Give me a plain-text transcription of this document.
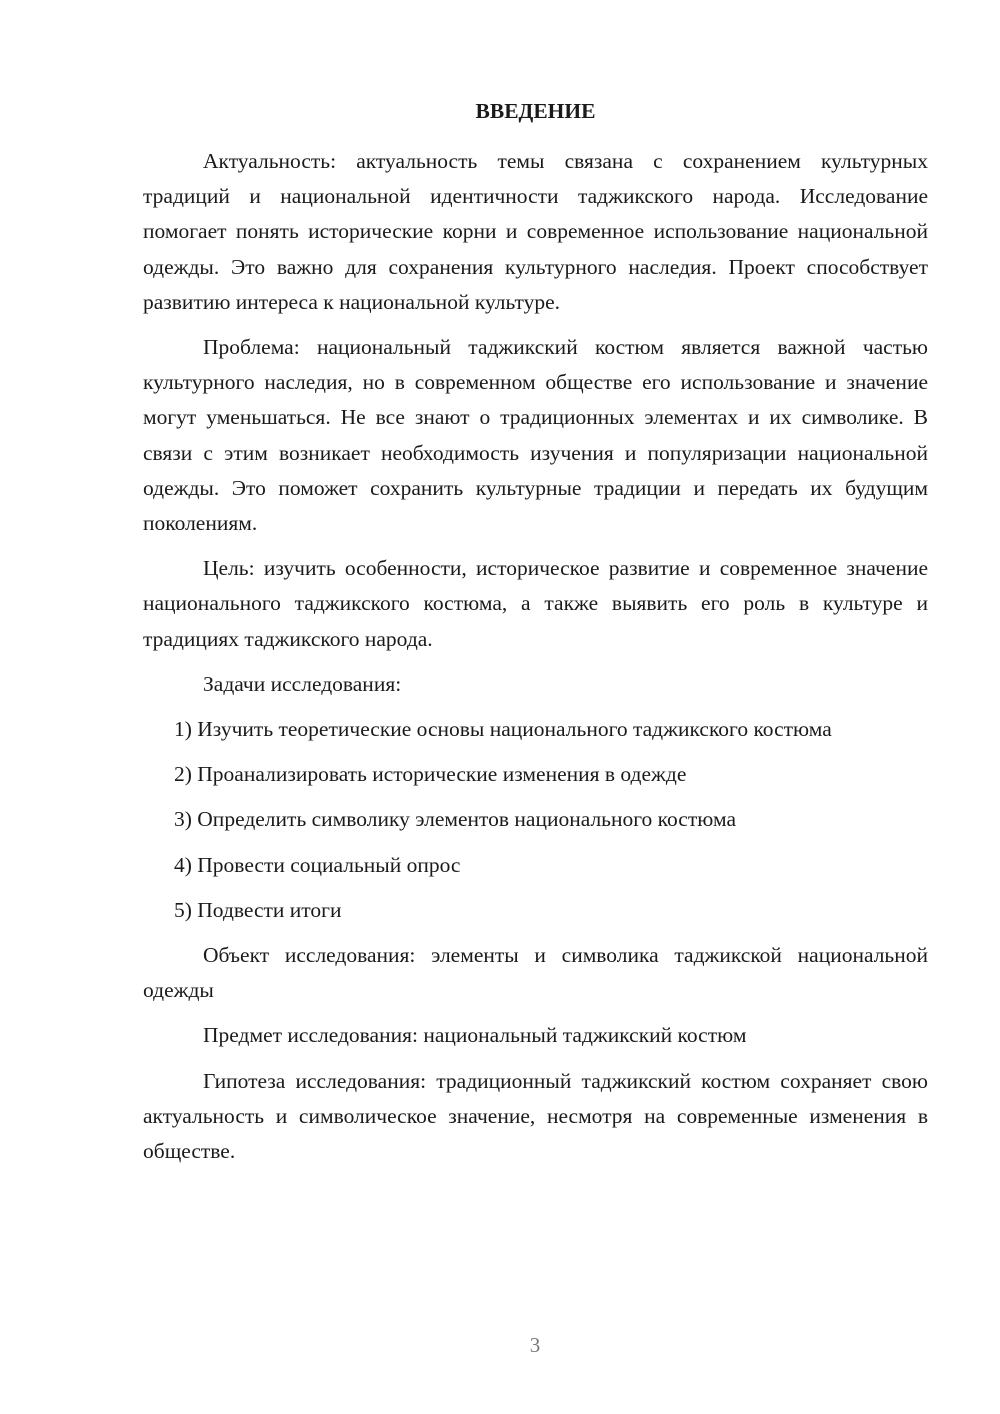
ВВЕДЕНИЕ

Актуальность: актуальность темы связана с сохранением культурных традиций и национальной идентичности таджикского народа. Исследование помогает понять исторические корни и современное использование национальной одежды. Это важно для сохранения культурного наследия. Проект способствует развитию интереса к национальной культуре.

Проблема: национальный таджикский костюм является важной частью культурного наследия, но в современном обществе его использование и значение могут уменьшаться. Не все знают о традиционных элементах и их символике. В связи с этим возникает необходимость изучения и популяризации национальной одежды. Это поможет сохранить культурные традиции и передать их будущим поколениям.

Цель: изучить особенности, историческое развитие и современное значение национального таджикского костюма, а также выявить его роль в культуре и традициях таджикского народа.

Задачи исследования:

1) Изучить теоретические основы национального таджикского костюма
2) Проанализировать исторические изменения в одежде
3) Определить символику элементов национального костюма
4) Провести социальный опрос
5) Подвести итоги

Объект исследования: элементы и символика таджикской национальной одежды

Предмет исследования: национальный таджикский костюм

Гипотеза исследования: традиционный таджикский костюм сохраняет свою актуальность и символическое значение, несмотря на современные изменения в обществе.

3
